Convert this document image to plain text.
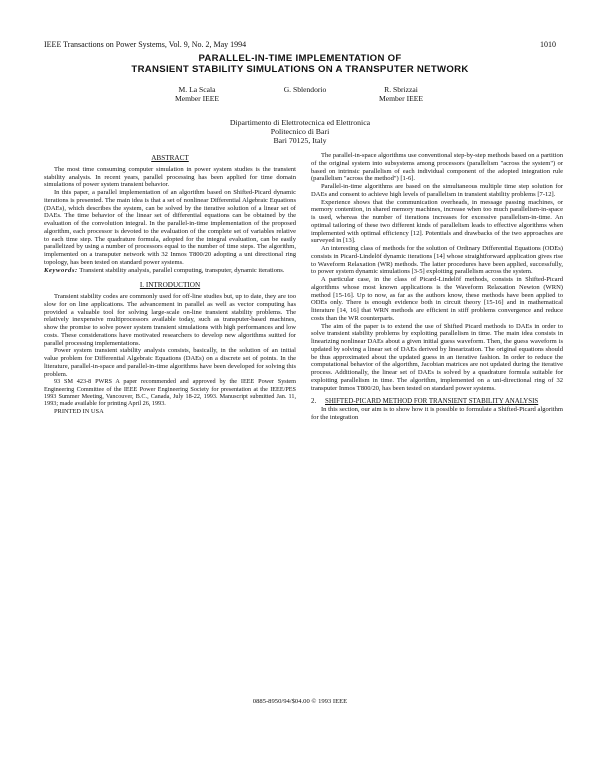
IEEE Transactions on Power Systems, Vol. 9, No. 2, May 1994	1010
PARALLEL-IN-TIME IMPLEMENTATION OF
TRANSIENT STABILITY SIMULATIONS ON A TRANSPUTER NETWORK
M. La Scala
Member IEEE
G. Sblendorio	R. Sbrizzai
Member IEEE
Dipartimento di Elettrotecnica ed Elettronica
Politecnico di Bari
Bari 70125, Italy
ABSTRACT

The most time consuming computer simulation in power system studies is the transient stability analysis. In recent years, parallel processing has been applied for time domain simulations of power system transient behavior.

In this paper, a parallel implementation of an algorithm based on Shifted-Picard dynamic iterations is presented. The main idea is that a set of nonlinear Differential Algebraic Equations (DAEs), which describes the system, can be solved by the iterative solution of a linear set of DAEs. The time behavior of the linear set of differential equations can be obtained by the evaluation of the convolution integral. In the parallel-in-time implementation of the proposed algorithm, each processor is devoted to the evaluation of the complete set of variables relative to each time step. The quadrature formula, adopted for the integral evaluation, can be easily parallelized by using a number of processors equal to the number of time steps. The algorithm, implemented on a transputer network with 32 Inmos T800/20 adopting a uni directional ring topology, has been tested on standard power systems.

Keywords: Transient stability analysis, parallel computing, transputer, dynamic iterations.

I. INTRODUCTION

Transient stability codes are commonly used for off-line studies but, up to date, they are too slow for on line applications. The advancement in parallel as well as vector computing has provided a valuable tool for solving large-scale on-line transient stability problems. The relatively inexpensive multiprocessors available today, such as transputer-based machines, show the promise to solve power system transient simulations with high performances and low costs. These considerations have motivated researchers to develop new algorithms suitted for parallel processing implementations.

Power system transient stability analysis consists, basically, in the solution of an initial value problem for Differential Algebraic Equations (DAEs) on a discrete set of points. In the literature, parallel-in-space and parallel-in-time algorithms have been developed for solving this problem.

93 SM 423-8 PWRS A paper recommended and approved by the IEEE Power System Engineering Committee of the IEEE Power Engineering Society for presentation at the IEEE/PES 1993 Summer Meeting, Vancouver, B.C., Canada, July 18-22, 1993. Manuscript submitted Jan. 11, 1993; made available for printing April 26, 1993.

PRINTED IN USA

The parallel-in-space algorithms use conventional step-by-step methods based on a partition of the original system into subsystems among processors (parallelism "across the system") or based on intrinsic parallelism of each individual component of the adopted integration rule (parallelism "across the method") [1-6].

Parallel-in-time algorithms are based on the simultaneous multiple time step solution for DAEs and consent to achieve high levels of parallelism in transient stability problems [7-12].

Experience shows that the communication overheads, in message passing machines, or memory contention, in shared memory machines, increase when too much parallelism-in-space is used, whereas the number of iterations increases for excessive parallelism-in-time. An optimal tailoring of these two different kinds of parallelism leads to effective algorithms when implemented with optimal efficiency [12]. Potentials and drawbacks of the two approaches are surveyed in [13].

An interesting class of methods for the solution of Ordinary Differential Equations (ODEs) consists in Picard-Lindelöf dynamic iterations [14] whose straightforward application gives rise to Waveform Relaxation (WR) methods. The latter procedures have been applied, successfully, to power system dynamic simulations [3-5] exploiting parallelism across the system.

A particular case, in the class of Picard-Lindelöf methods, consists in Shifted-Picard algorithms whose most known applications is the Waveform Relaxation Newton (WRN) method [15-16]. Up to now, as far as the authors know, these methods have been applied to ODEs only. There is enough evidence both in circuit theory [15-16] and in mathematical literature [14, 16] that WRN methods are efficient in stiff problems convergence and reduce costs than the WR counterparts.

The aim of the paper is to extend the use of Shifted Picard methods to DAEs in order to solve transient stability problems by exploiting parallelism in time. The main idea consists in linearizing nonlinear DAEs about a given initial guess waveform. Then, the guess waveform is updated by solving a linear set of DAEs derived by linearization. The original equations should be thus approximated about the updated guess in an iterative fashion. In order to reduce the computational behavior of the algorithm, Jacobian matrices are not updated during the iterative process. Additionally, the linear set of DAEs is solved by a quadrature formula suitable for exploiting parallelism in time. The algorithm, implemented on a uni-directional ring of 32 transputer Inmos T800/20, has been tested on standard power systems.

2. SHIFTED-PICARD METHOD FOR TRANSIENT STABILITY ANALYSIS

In this section, our aim is to show how it is possible to formulate a Shifted-Picard algorithm for the integration

0885-8950/94/$04.00 © 1993 IEEE
